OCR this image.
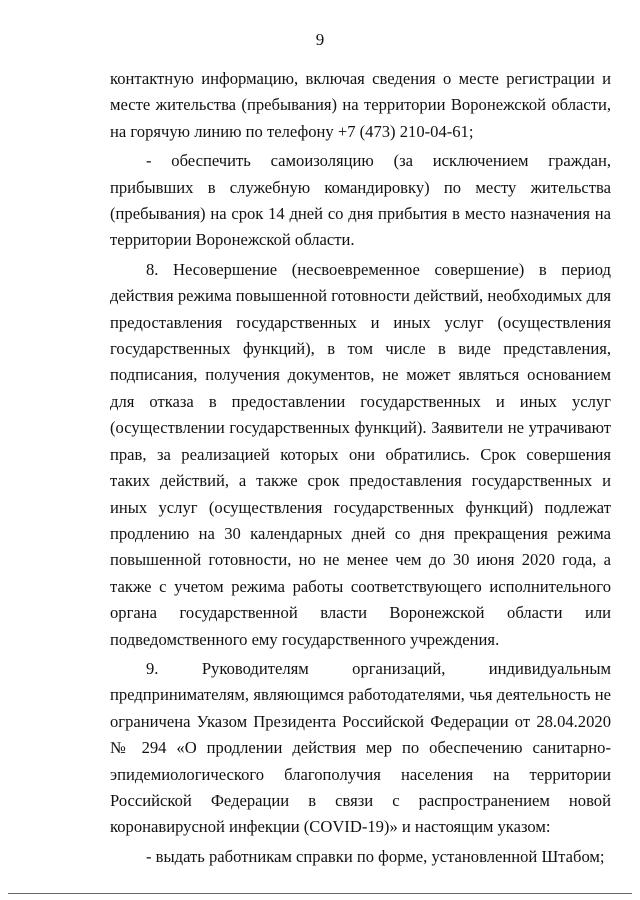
9

контактную информацию, включая сведения о месте регистрации и месте жительства (пребывания) на территории Воронежской области, на горячую линию по телефону +7 (473) 210-04-61;

- обеспечить самоизоляцию (за исключением граждан, прибывших в служебную командировку) по месту жительства (пребывания) на срок 14 дней со дня прибытия в место назначения на территории Воронежской области.

8. Несовершение (несвоевременное совершение) в период действия режима повышенной готовности действий, необходимых для предоставления государственных и иных услуг (осуществления государственных функций), в том числе в виде представления, подписания, получения документов, не может являться основанием для отказа в предоставлении государственных и иных услуг (осуществлении государственных функций). Заявители не утрачивают прав, за реализацией которых они обратились. Срок совершения таких действий, а также срок предоставления государственных и иных услуг (осуществления государственных функций) подлежат продлению на 30 календарных дней со дня прекращения режима повышенной готовности, но не менее чем до 30 июня 2020 года, а также с учетом режима работы соответствующего исполнительного органа государственной власти Воронежской области или подведомственного ему государственного учреждения.

9. Руководителям организаций, индивидуальным предпринимателям, являющимся работодателями, чья деятельность не ограничена Указом Президента Российской Федерации от 28.04.2020 № 294 «О продлении действия мер по обеспечению санитарно-эпидемиологического благополучия населения на территории Российской Федерации в связи с распространением новой коронавирусной инфекции (COVID-19)» и настоящим указом:

- выдать работникам справки по форме, установленной Штабом;
